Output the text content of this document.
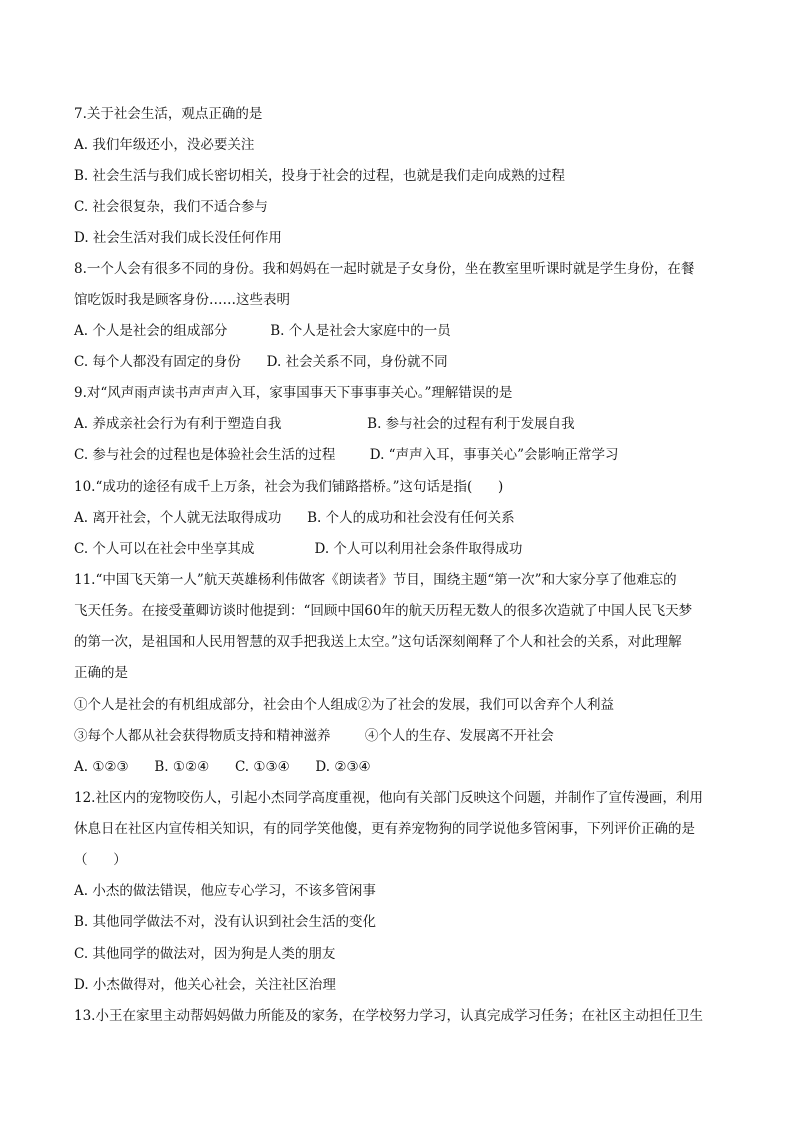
7.关于社会生活，观点正确的是
A. 我们年级还小，没必要关注
B. 社会生活与我们成长密切相关，投身于社会的过程，也就是我们走向成熟的过程
C. 社会很复杂，我们不适合参与
D. 社会生活对我们成长没任何作用
8.一个人会有很多不同的身份。我和妈妈在一起时就是子女身份，坐在教室里听课时就是学生身份，在餐
馆吃饭时我是顾客身份……这些表明
A. 个人是社会的组成部分          B. 个人是社会大家庭中的一员
C. 每个人都没有固定的身份      D. 社会关系不同，身份就不同
9.对“风声雨声读书声声声入耳，家事国事天下事事事关心。”理解错误的是
A. 养成亲社会行为有利于塑造自我                    B. 参与社会的过程有利于发展自我
C. 参与社会的过程也是体验社会生活的过程        D. “声声入耳，事事关心”会影响正常学习
10.“成功的途径有成千上万条，社会为我们铺路搭桥。”这句话是指(      )
A. 离开社会，个人就无法取得成功      B. 个人的成功和社会没有任何关系
C. 个人可以在社会中坐享其成              D. 个人可以利用社会条件取得成功
11.“中国飞天第一人”航天英雄杨利伟做客《朗读者》节目，围绕主题“第一次”和大家分享了他难忘的
飞天任务。在接受董卿访谈时他提到：“回顾中国60年的航天历程无数人的很多次造就了中国人民飞天梦
的第一次，是祖国和人民用智慧的双手把我送上太空。”这句话深刻阐释了个人和社会的关系，对此理解
正确的是
①个人是社会的有机组成部分，社会由个人组成②为了社会的发展，我们可以舍弃个人利益
③每个人都从社会获得物质支持和精神滋养        ④个人的生存、发展离不开社会
A. ①②③      B. ①②④      C. ①③④      D. ②③④
12.社区内的宠物咬伤人，引起小杰同学高度重视，他向有关部门反映这个问题，并制作了宣传漫画，利用
休息日在社区内宣传相关知识，有的同学笑他傻，更有养宠物狗的同学说他多管闲事，下列评价正确的是
（      ）
A. 小杰的做法错误，他应专心学习，不该多管闲事
B. 其他同学做法不对，没有认识到社会生活的变化
C. 其他同学的做法对，因为狗是人类的朋友
D. 小杰做得对，他关心社会，关注社区治理
13.小王在家里主动帮妈妈做力所能及的家务，在学校努力学习，认真完成学习任务；在社区主动担任卫生
